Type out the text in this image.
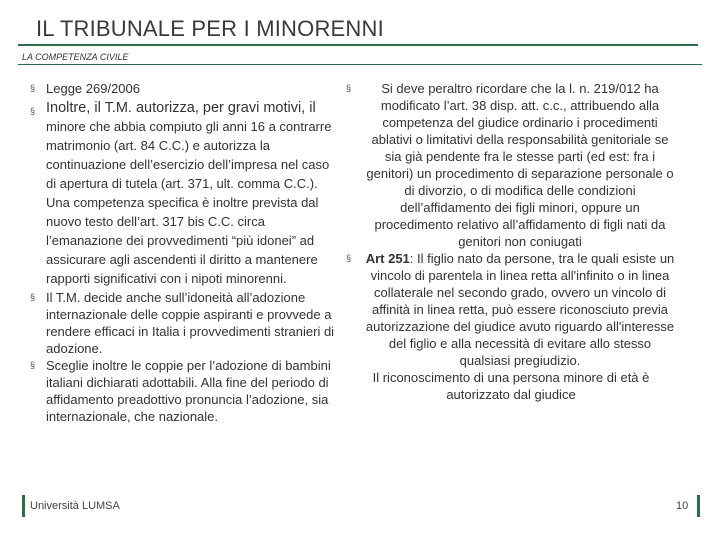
IL TRIBUNALE PER I MINORENNI
LA COMPETENZA CIVILE
§ Legge 269/2006
§ Inoltre, il T.M. autorizza, per gravi motivi, il minore che abbia compiuto gli anni 16 a contrarre matrimonio (art. 84 C.C.) e autorizza la continuazione dell’esercizio dell’impresa nel caso di apertura di tutela (art. 371, ult. comma C.C.). Una competenza specifica è inoltre prevista dal nuovo testo dell’art. 317 bis C.C. circa l’emanazione dei provvedimenti “più idonei” ad assicurare agli ascendenti il diritto a mantenere rapporti significativi con i nipoti minorenni.
§ Il T.M. decide anche sull’idoneità all’adozione internazionale delle coppie aspiranti e provvede a rendere efficaci in Italia i provvedimenti stranieri di adozione.
§ Sceglie inoltre le coppie per l’adozione di bambini italiani dichiarati adottabili. Alla fine del periodo di affidamento preadottivo pronuncia l’adozione, sia internazionale, che nazionale.
§	Si deve peraltro ricordare che la l. n. 219/012 ha modificato l’art. 38 disp. att. c.c., attribuendo alla competenza del giudice ordinario i procedimenti ablativi o limitativi della responsabilità genitoriale se sia già pendente fra le stesse parti (ed est: fra i genitori) un procedimento di separazione personale o di divorzio, o di modifica delle condizioni dell’affidamento dei figli minori, oppure un procedimento relativo all’affidamento di figli nati da genitori non coniugati
§ Art 251: Il figlio nato da persone, tra le quali esiste un vincolo di parentela in linea retta all'infinito o in linea collaterale nel secondo grado, ovvero un vincolo di affinità in linea retta, può essere riconosciuto previa autorizzazione del giudice avuto riguardo all'interesse del figlio e alla necessità di evitare allo stesso qualsiasi pregiudizio.
Il riconoscimento di una persona minore di età è autorizzato dal giudice
Università LUMSA	10
